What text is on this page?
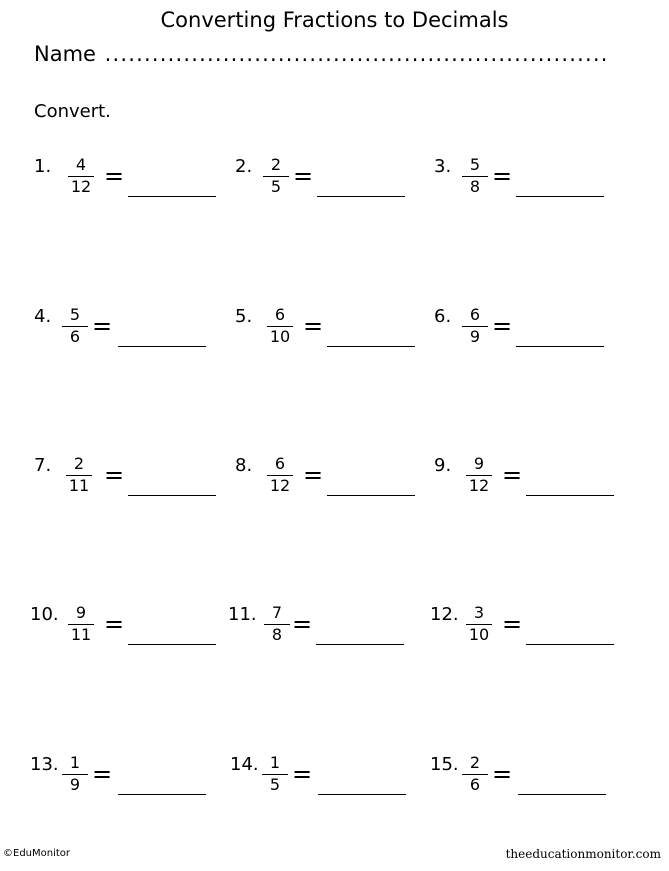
Converting Fractions to Decimals
Name ................................................................
Convert.
1.	4
12 =	2.	2
5 =	3.	5
8 =
4.	5
6 =	5.	6
10 =	6.	6
9 =
7.	2
11 =	8.	6
12 =	9.	9
12 =
10.	9
11 =	11. 7
8 =	12. 3
10 =
13. 1
9 =	14. 1
5 =	15. 2
6 =
©EduMonitor	theeducationmonitor.com
